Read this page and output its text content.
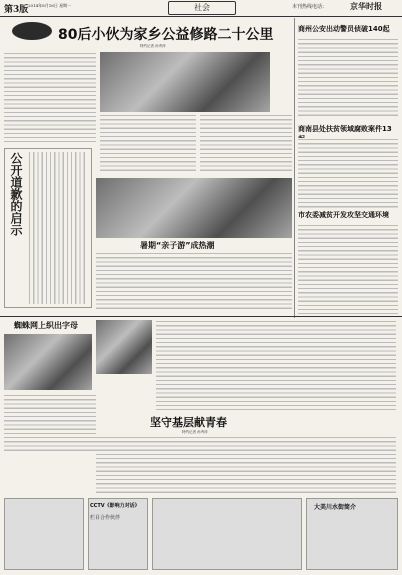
第3版 2014年8月18日 星期一	社会	本刊热线电话：	京华时报
80后小伙为家乡公益修路二十公里
特约记者 孙秀萍
商州公安出动警员侦破140起
商南县处扶贫领域腐败案件13
市农委减贫开发攻坚交通环境
公开道歉的启示
暑期“亲子游”成热潮
蜘蛛网上织出字母
坚守基层献青春
特约记者 孙秀萍
CCTV《影响力对话》
栏目合作伙伴
大美川水街简介
